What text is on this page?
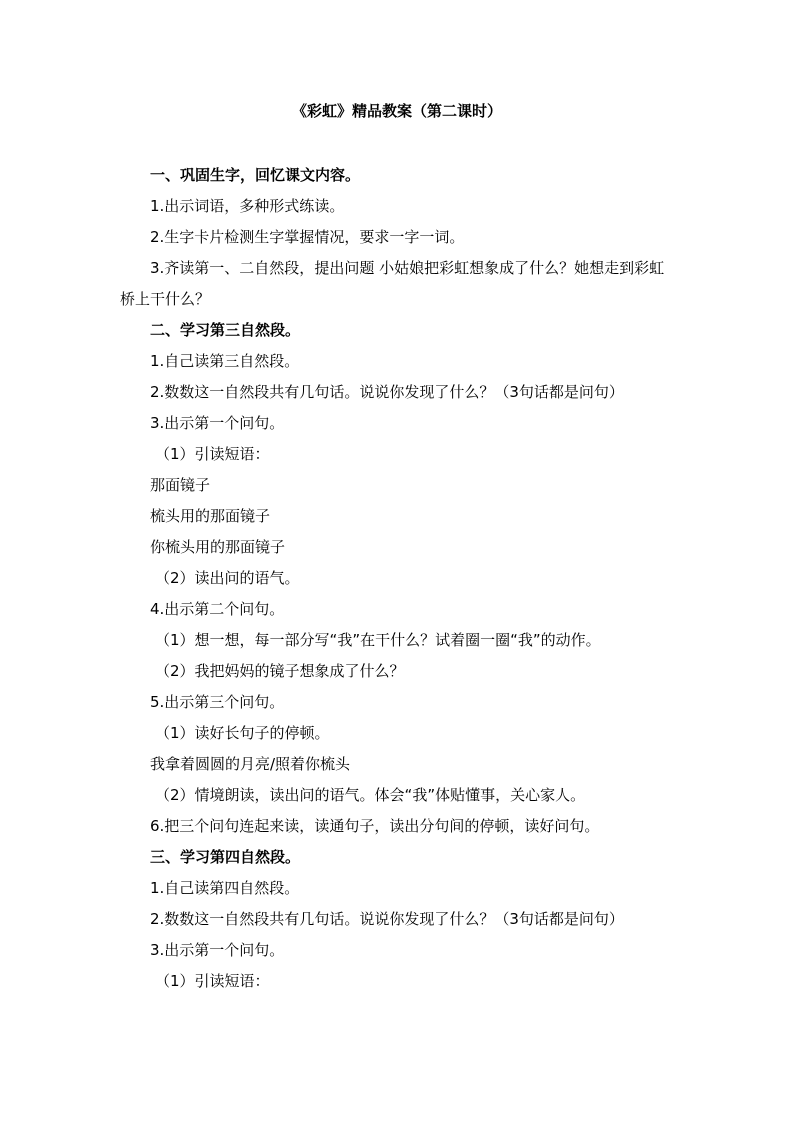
《彩虹》精品教案（第二课时）

一、巩固生字，回忆课文内容。

1.出示词语，多种形式练读。

2.生字卡片检测生字掌握情况，要求一字一词。

3.齐读第一、二自然段，提出问题 小姑娘把彩虹想象成了什么？她想走到彩虹桥上干什么？

二、学习第三自然段。

1.自己读第三自然段。

2.数数这一自然段共有几句话。说说你发现了什么？（3句话都是问句）

3.出示第一个问句。

（1）引读短语：

那面镜子

梳头用的那面镜子

你梳头用的那面镜子

（2）读出问的语气。

4.出示第二个问句。

（1）想一想，每一部分写“我”在干什么？试着圈一圈“我”的动作。

（2）我把妈妈的镜子想象成了什么？

5.出示第三个问句。

（1）读好长句子的停顿。

我拿着圆圆的月亮/照着你梳头

（2）情境朗读，读出问的语气。体会“我”体贴懂事，关心家人。

6.把三个问句连起来读，读通句子，读出分句间的停顿，读好问句。

三、学习第四自然段。

1.自己读第四自然段。

2.数数这一自然段共有几句话。说说你发现了什么？（3句话都是问句）

3.出示第一个问句。

（1）引读短语：
